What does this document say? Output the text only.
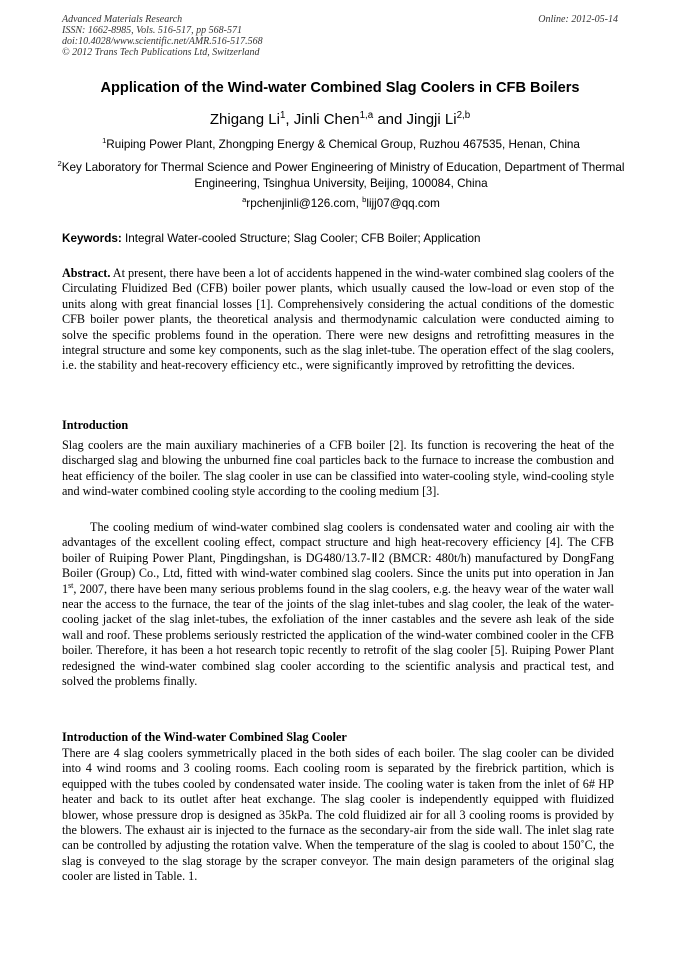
Advanced Materials Research
ISSN: 1662-8985, Vols. 516-517, pp 568-571
doi:10.4028/www.scientific.net/AMR.516-517.568
© 2012 Trans Tech Publications Ltd, Switzerland
Online: 2012-05-14
Application of the Wind-water Combined Slag Coolers in CFB Boilers
Zhigang Li$^1$, Jinli Chen$^{1,a}$ and Jingji Li$^{2,b}$
$^1$Ruiping Power Plant, Zhongping Energy & Chemical Group, Ruzhou 467535, Henan, China
$^2$Key Laboratory for Thermal Science and Power Engineering of Ministry of Education, Department of Thermal Engineering, Tsinghua University, Beijing, 100084, China
$^a$rpchenjinli@126.com, $^b$lijj07@qq.com
Keywords: Integral Water-cooled Structure; Slag Cooler; CFB Boiler; Application
Abstract. At present, there have been a lot of accidents happened in the wind-water combined slag coolers of the Circulating Fluidized Bed (CFB) boiler power plants, which usually caused the low-load or even stop of the units along with great financial losses [1]. Comprehensively considering the actual conditions of the domestic CFB boiler power plants, the theoretical analysis and thermodynamic calculation were conducted aiming to solve the specific problems found in the operation. There were new designs and retrofitting measures in the integral structure and some key components, such as the slag inlet-tube. The operation effect of the slag coolers, i.e. the stability and heat-recovery efficiency etc., were significantly improved by retrofitting the devices.
Introduction
Slag coolers are the main auxiliary machineries of a CFB boiler [2]. Its function is recovering the heat of the discharged slag and blowing the unburned fine coal particles back to the furnace to increase the combustion and heat efficiency of the boiler. The slag cooler in use can be classified into water-cooling style, wind-cooling style and wind-water combined cooling style according to the cooling medium [3].
The cooling medium of wind-water combined slag coolers is condensated water and cooling air with the advantages of the excellent cooling effect, compact structure and high heat-recovery efficiency [4]. The CFB boiler of Ruiping Power Plant, Pingdingshan, is DG480/13.7-Ⅱ2 (BMCR: 480t/h) manufactured by DongFang Boiler (Group) Co., Ltd, fitted with wind-water combined slag coolers. Since the units put into operation in Jan 1st, 2007, there have been many serious problems found in the slag coolers, e.g. the heavy wear of the water wall near the access to the furnace, the tear of the joints of the slag inlet-tubes and slag cooler, the leak of the water-cooling jacket of the slag inlet-tubes, the exfoliation of the inner castables and the severe ash leak of the side wall and roof. These problems seriously restricted the application of the wind-water combined cooler in the CFB boiler. Therefore, it has been a hot research topic recently to retrofit of the slag cooler [5]. Ruiping Power Plant redesigned the wind-water combined slag cooler according to the scientific analysis and practical test, and solved the problems finally.
Introduction of the Wind-water Combined Slag Cooler
There are 4 slag coolers symmetrically placed in the both sides of each boiler. The slag cooler can be divided into 4 wind rooms and 3 cooling rooms. Each cooling room is separated by the firebrick partition, which is equipped with the tubes cooled by condensated water inside. The cooling water is taken from the inlet of 6# HP heater and back to its outlet after heat exchange. The slag cooler is independently equipped with fluidized blower, whose pressure drop is designed as 35kPa. The cold fluidized air for all 3 cooling rooms is provided by the blowers. The exhaust air is injected to the furnace as the secondary-air from the side wall. The inlet slag rate can be controlled by adjusting the rotation valve. When the temperature of the slag is cooled to about 150˚C, the slag is conveyed to the slag storage by the scraper conveyor. The main design parameters of the original slag cooler are listed in Table. 1.
